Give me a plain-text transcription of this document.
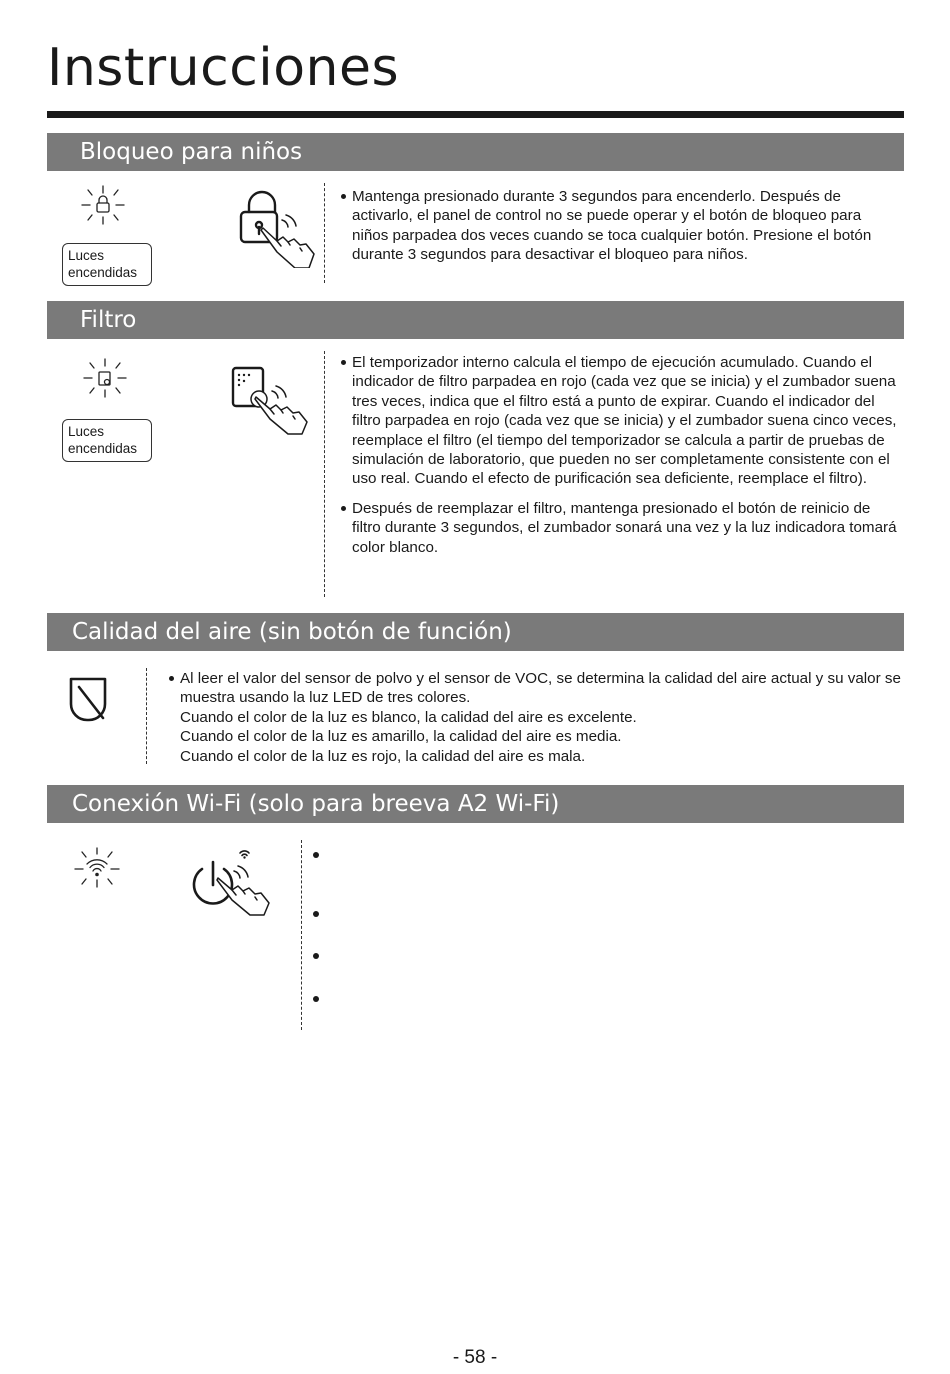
Instrucciones
Bloqueo para niños
Luces
encendidas
Mantenga presionado durante 3 segundos para encenderlo. Después de activarlo, el panel de control no se puede operar y el botón de bloqueo para niños parpadea dos veces cuando se toca cualquier botón. Presione el botón durante 3 segundos para desactivar el bloqueo para niños.
Filtro
Luces
encendidas
El temporizador interno calcula el tiempo de ejecución acumulado. Cuando el indicador de filtro parpadea en rojo (cada vez que se inicia) y el zumbador suena tres veces, indica que el filtro está a punto de expirar. Cuando el indicador del filtro parpadea en rojo (cada vez que se inicia) y el zumbador suena cinco veces, reemplace el filtro (el tiempo del temporizador se calcula a partir de pruebas de simulación de laboratorio, que pueden no ser completamente consistente con el uso real. Cuando el efecto de purificación sea deficiente, reemplace el filtro).
Después de reemplazar el filtro, mantenga presionado el botón de reinicio de filtro durante 3 segundos, el zumbador sonará una vez y la luz indicadora tomará color blanco.
Calidad del aire (sin botón de función)
Al leer el valor del sensor de polvo y el sensor de VOC, se determina la calidad del aire actual y su valor se muestra usando la luz LED de tres colores.
Cuando el color de la luz es blanco, la calidad del aire es excelente.
Cuando el color de la luz es amarillo, la calidad del aire es media.
Cuando el color de la luz es rojo, la calidad del aire es mala.
Conexión Wi-Fi (solo para breeva A2 Wi-Fi)
- 58 -
